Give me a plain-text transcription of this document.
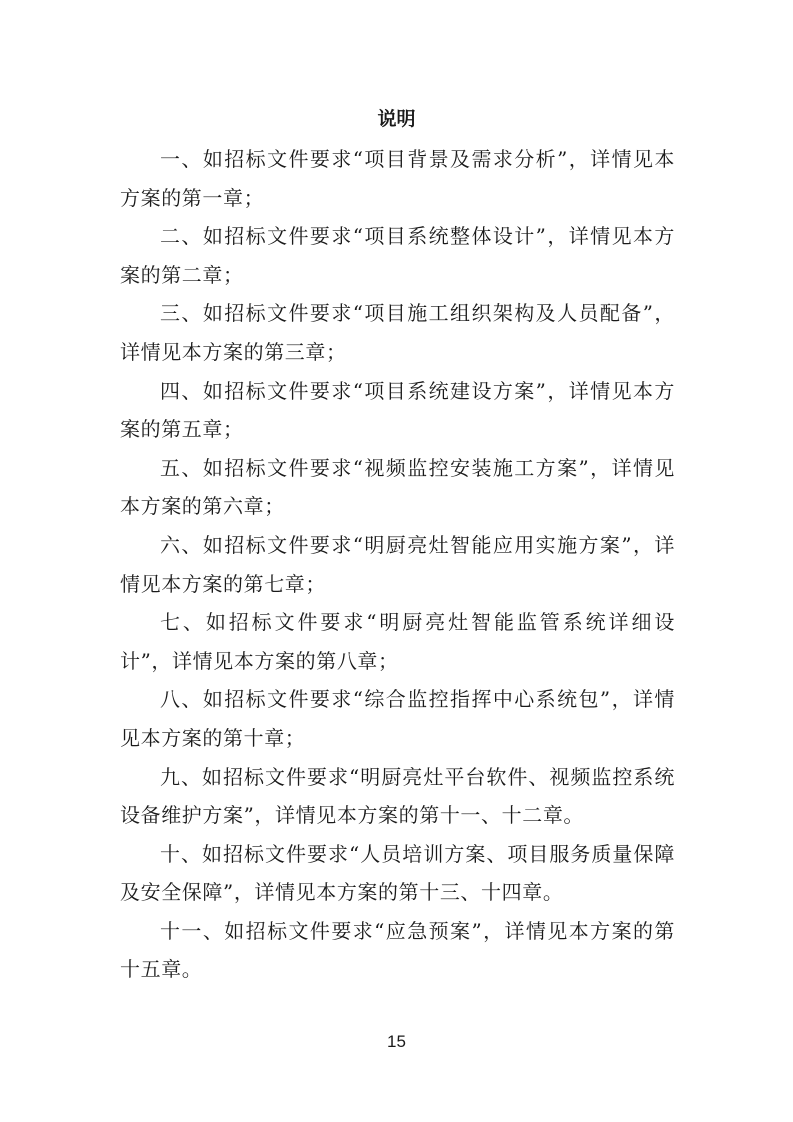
说明

一、如招标文件要求“项目背景及需求分析”，详情见本方案的第一章；

二、如招标文件要求“项目系统整体设计”，详情见本方案的第二章；

三、如招标文件要求“项目施工组织架构及人员配备”，详情见本方案的第三章；

四、如招标文件要求“项目系统建设方案”，详情见本方案的第五章；

五、如招标文件要求“视频监控安装施工方案”，详情见本方案的第六章；

六、如招标文件要求“明厨亮灶智能应用实施方案”，详情见本方案的第七章；

七、如招标文件要求“明厨亮灶智能监管系统详细设计”，详情见本方案的第八章；

八、如招标文件要求“综合监控指挥中心系统包”，详情见本方案的第十章；

九、如招标文件要求“明厨亮灶平台软件、视频监控系统设备维护方案”，详情见本方案的第十一、十二章。

十、如招标文件要求“人员培训方案、项目服务质量保障及安全保障”，详情见本方案的第十三、十四章。

十一、如招标文件要求“应急预案”，详情见本方案的第十五章。

15
